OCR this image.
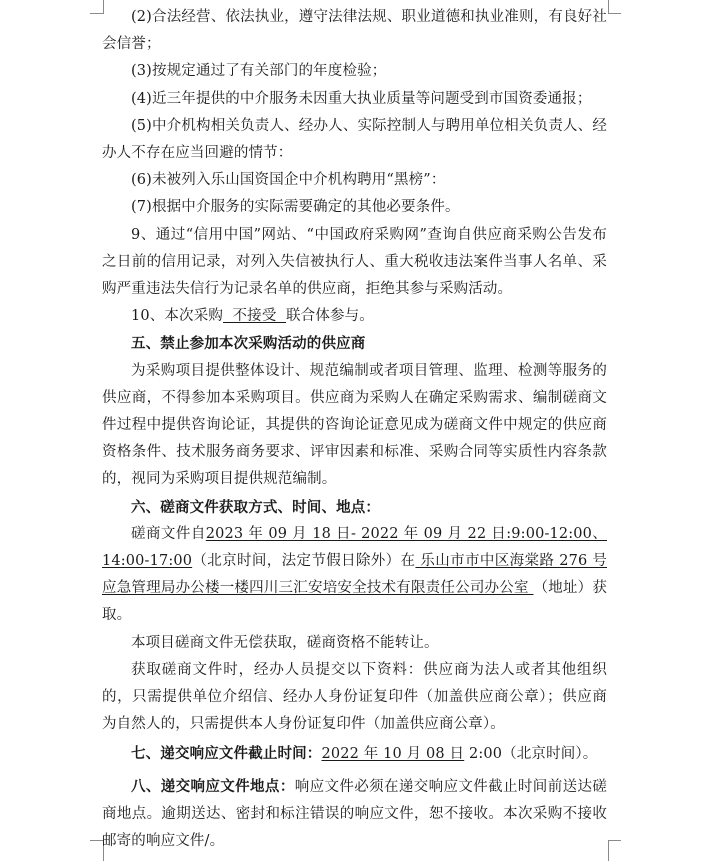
(2)合法经营、依法执业，遵守法律法规、职业道德和执业准则，有良好社会信誉；

(3)按规定通过了有关部门的年度检验；

(4)近三年提供的中介服务未因重大执业质量等问题受到市国资委通报；

(5)中介机构相关负责人、经办人、实际控制人与聘用单位相关负责人、经办人不存在应当回避的情节：

(6)未被列入乐山国资国企中介机构聘用“黑榜”：

(7)根据中介服务的实际需要确定的其他必要条件。

9、通过“信用中国”网站、“中国政府采购网”查询自供应商采购公告发布之日前的信用记录，对列入失信被执行人、重大税收违法案件当事人名单、采购严重违法失信行为记录名单的供应商，拒绝其参与采购活动。

10、本次采购  不接受  联合体参与。

五、禁止参加本次采购活动的供应商

为采购项目提供整体设计、规范编制或者项目管理、监理、检测等服务的供应商，不得参加本采购项目。供应商为采购人在确定采购需求、编制磋商文件过程中提供咨询论证，其提供的咨询论证意见成为磋商文件中规定的供应商资格条件、技术服务商务要求、评审因素和标准、采购合同等实质性内容条款的，视同为采购项目提供规范编制。

六、磋商文件获取方式、时间、地点：

磋商文件自2023 年 09 月 18 日- 2022 年 09 月 22 日:9:00-12:00、14:00-17:00（北京时间，法定节假日除外）在 乐山市市中区海棠路 276 号应急管理局办公楼一楼四川三汇安培安全技术有限责任公司办公室 （地址）获取。

本项目磋商文件无偿获取，磋商资格不能转让。

获取磋商文件时，经办人员提交以下资料：供应商为法人或者其他组织的，只需提供单位介绍信、经办人身份证复印件（加盖供应商公章）；供应商为自然人的，只需提供本人身份证复印件（加盖供应商公章）。

七、递交响应文件截止时间：2022 年 10 月 08 日 2:00（北京时间）。

八、递交响应文件地点：响应文件必须在递交响应文件截止时间前送达磋商地点。逾期送达、密封和标注错误的响应文件，恕不接收。本次采购不接收邮寄的响应文件/。
